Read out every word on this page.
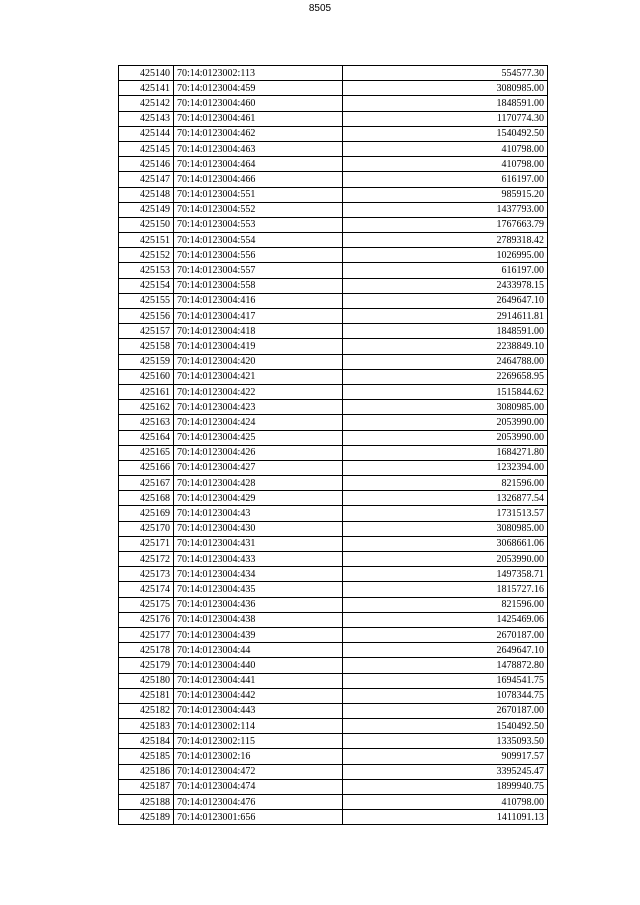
8505
425140	70:14:0123002:113	554577.30
425141	70:14:0123004:459	3080985.00
425142	70:14:0123004:460	1848591.00
425143	70:14:0123004:461	1170774.30
425144	70:14:0123004:462	1540492.50
425145	70:14:0123004:463	410798.00
425146	70:14:0123004:464	410798.00
425147	70:14:0123004:466	616197.00
425148	70:14:0123004:551	985915.20
425149	70:14:0123004:552	1437793.00
425150	70:14:0123004:553	1767663.79
425151	70:14:0123004:554	2789318.42
425152	70:14:0123004:556	1026995.00
425153	70:14:0123004:557	616197.00
425154	70:14:0123004:558	2433978.15
425155	70:14:0123004:416	2649647.10
425156	70:14:0123004:417	2914611.81
425157	70:14:0123004:418	1848591.00
425158	70:14:0123004:419	2238849.10
425159	70:14:0123004:420	2464788.00
425160	70:14:0123004:421	2269658.95
425161	70:14:0123004:422	1515844.62
425162	70:14:0123004:423	3080985.00
425163	70:14:0123004:424	2053990.00
425164	70:14:0123004:425	2053990.00
425165	70:14:0123004:426	1684271.80
425166	70:14:0123004:427	1232394.00
425167	70:14:0123004:428	821596.00
425168	70:14:0123004:429	1326877.54
425169	70:14:0123004:43	1731513.57
425170	70:14:0123004:430	3080985.00
425171	70:14:0123004:431	3068661.06
425172	70:14:0123004:433	2053990.00
425173	70:14:0123004:434	1497358.71
425174	70:14:0123004:435	1815727.16
425175	70:14:0123004:436	821596.00
425176	70:14:0123004:438	1425469.06
425177	70:14:0123004:439	2670187.00
425178	70:14:0123004:44	2649647.10
425179	70:14:0123004:440	1478872.80
425180	70:14:0123004:441	1694541.75
425181	70:14:0123004:442	1078344.75
425182	70:14:0123004:443	2670187.00
425183	70:14:0123002:114	1540492.50
425184	70:14:0123002:115	1335093.50
425185	70:14:0123002:16	909917.57
425186	70:14:0123004:472	3395245.47
425187	70:14:0123004:474	1899940.75
425188	70:14:0123004:476	410798.00
425189	70:14:0123001:656	1411091.13
